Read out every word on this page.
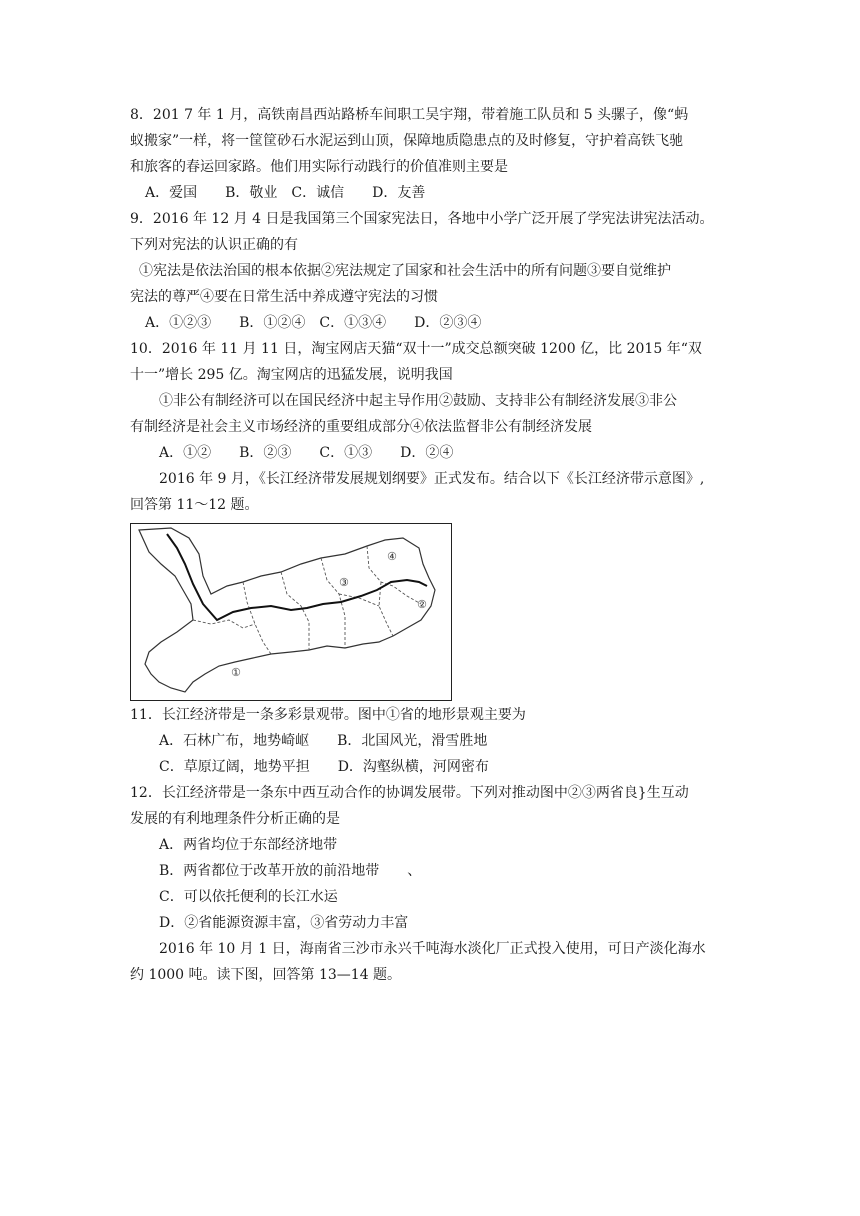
8．201 7 年 1 月，高铁南昌西站路桥车间职工吴宇翔，带着施工队员和 5 头骡子，像“蚂
蚁搬家”一样，将一筐筐砂石水泥运到山顶，保障地质隐患点的及时修复，守护着高铁飞驰
和旅客的春运回家路。他们用实际行动践行的价值准则主要是
A．爱国　　B．敬业　C．诚信　　D．友善
9．2016 年 12 月 4 日是我国第三个国家宪法日，各地中小学广泛开展了学宪法讲宪法活动。
下列对宪法的认识正确的有
①宪法是依法治国的根本依据②宪法规定了国家和社会生活中的所有问题③要自觉维护
宪法的尊严④要在日常生活中养成遵守宪法的习惯
A．①②③　　B．①②④　C．①③④　　D．②③④
10．2016 年 11 月 11 日，淘宝网店天猫“双十一”成交总额突破 1200 亿，比 2015 年“双
十一”增长 295 亿。淘宝网店的迅猛发展，说明我国
①非公有制经济可以在国民经济中起主导作用②鼓励、支持非公有制经济发展③非公
有制经济是社会主义市场经济的重要组成部分④依法监督非公有制经济发展
A．①②　　B．②③　　C．①③　　D．②④
2016 年 9 月，《长江经济带发展规划纲要》正式发布。结合以下《长江经济带示意图》,
回答第 11～12 题。
①
②
③
④
11．长江经济带是一条多彩景观带。图中①省的地形景观主要为
A．石林广布，地势崎岖　　B．北国风光，滑雪胜地
C．草原辽阔，地势平担　　D．沟壑纵横，河网密布
12．长江经济带是一条东中西互动合作的协调发展带。下列对推动图中②③两省良}生互动
发展的有利地理条件分析正确的是
A．两省均位于东部经济地带
B．两省都位于改革开放的前沿地带　　、
C．可以依托便利的长江水运
D．②省能源资源丰富，③省劳动力丰富
2016 年 10 月 1 日，海南省三沙市永兴千吨海水淡化厂正式投入使用，可日产淡化海水
约 1000 吨。读下图，回答第 13—14 题。
